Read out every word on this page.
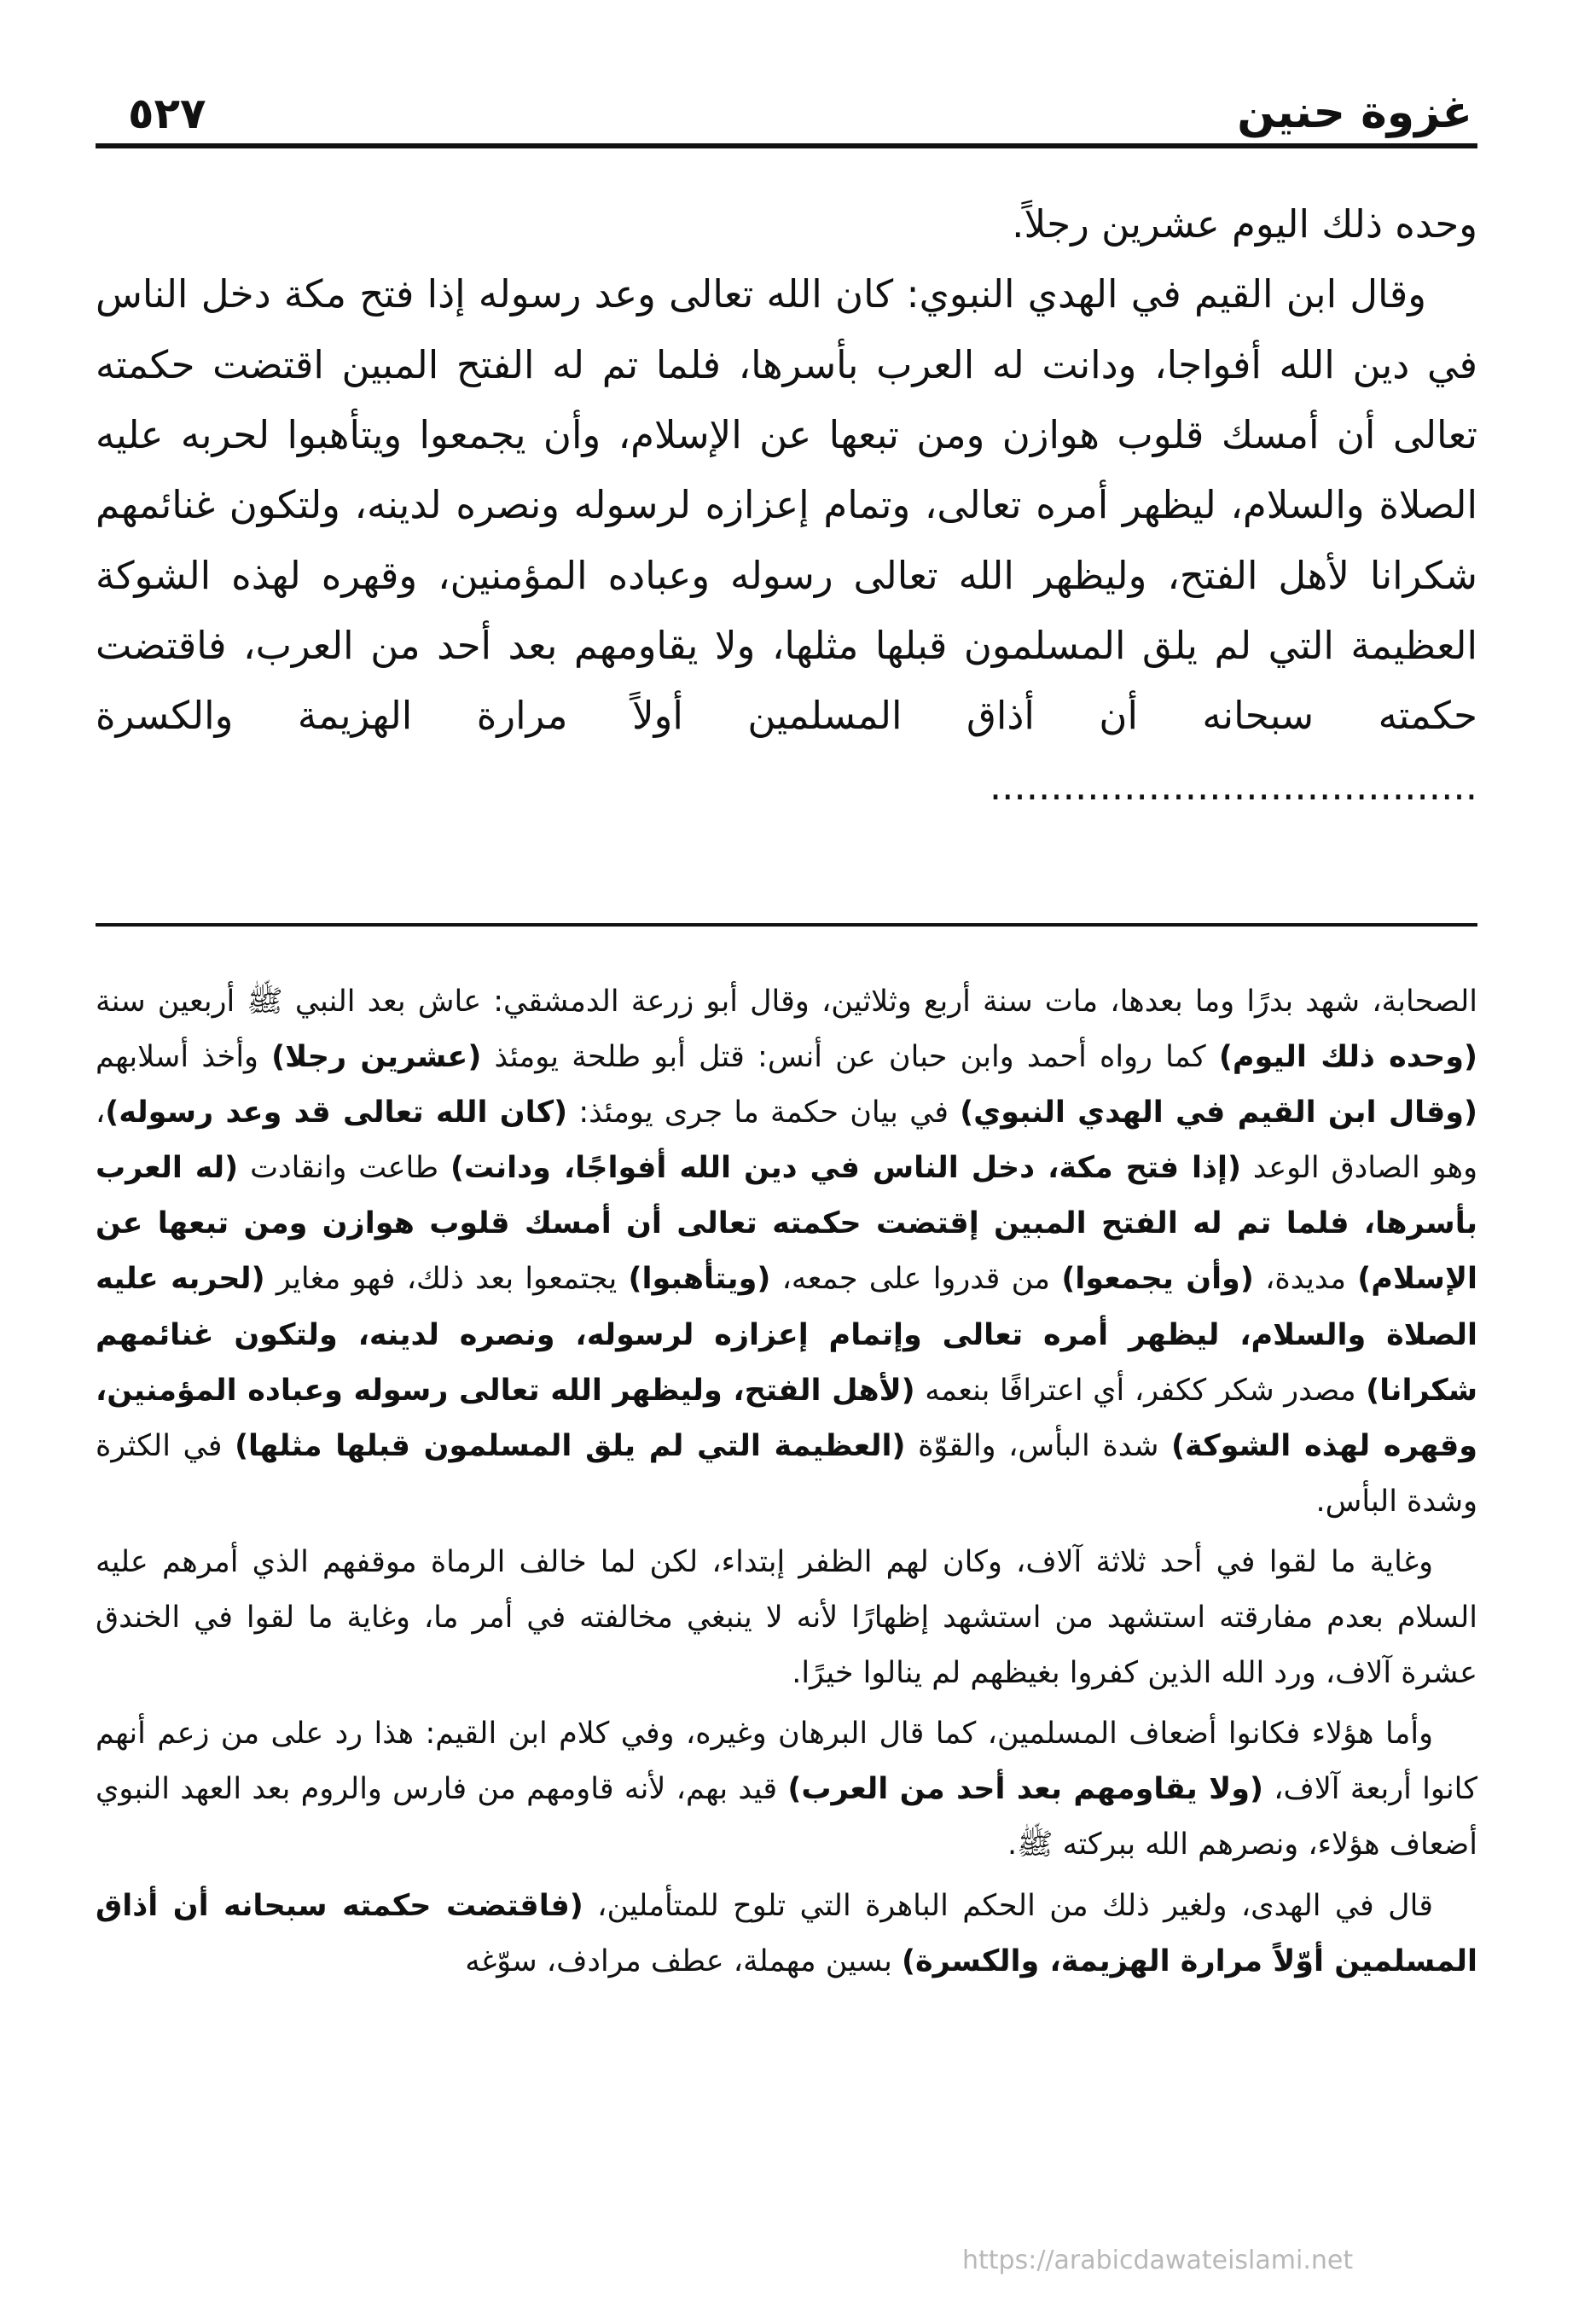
غزوة حنين
٥٢٧

وحده ذلك اليوم عشرين رجلاً.

وقال ابن القيم في الهدي النبوي: كان الله تعالى وعد رسوله إذا فتح مكة دخل الناس في دين الله أفواجا، ودانت له العرب بأسرها، فلما تم له الفتح المبين اقتضت حكمته تعالى أن أمسك قلوب هوازن ومن تبعها عن الإسلام، وأن يجمعوا ويتأهبوا لحربه عليه الصلاة والسلام، ليظهر أمره تعالى، وتمام إعزازه لرسوله ونصره لدينه، ولتكون غنائمهم شكرانا لأهل الفتح، وليظهر الله تعالى رسوله وعباده المؤمنين، وقهره لهذه الشوكة العظيمة التي لم يلق المسلمون قبلها مثلها، ولا يقاومهم بعد أحد من العرب، فاقتضت حكمته سبحانه أن أذاق المسلمين أولاً مرارة الهزيمة والكسرة ........................................

الصحابة، شهد بدرًا وما بعدها، مات سنة أربع وثلاثين، وقال أبو زرعة الدمشقي: عاش بعد النبي ﷺ أربعين سنة (وحده ذلك اليوم) كما رواه أحمد وابن حبان عن أنس: قتل أبو طلحة يومئذ (عشرين رجلا) وأخذ أسلابهم (وقال ابن القيم في الهدي النبوي) في بيان حكمة ما جرى يومئذ: (كان الله تعالى قد وعد رسوله)، وهو الصادق الوعد (إذا فتح مكة، دخل الناس في دين الله أفواجًا، ودانت) طاعت وانقادت (له العرب بأسرها، فلما تم له الفتح المبين إقتضت حكمته تعالى أن أمسك قلوب هوازن ومن تبعها عن الإسلام) مديدة، (وأن يجمعوا) من قدروا على جمعه، (ويتأهبوا) يجتمعوا بعد ذلك، فهو مغاير (لحربه عليه الصلاة والسلام، ليظهر أمره تعالى وإتمام إعزازه لرسوله، ونصره لدينه، ولتكون غنائمهم شكرانا) مصدر شكر ككفر، أي اعترافًا بنعمه (لأهل الفتح، وليظهر الله تعالى رسوله وعباده المؤمنين، وقهره لهذه الشوكة) شدة البأس، والقوّة (العظيمة التي لم يلق المسلمون قبلها مثلها) في الكثرة وشدة البأس.

وغاية ما لقوا في أحد ثلاثة آلاف، وكان لهم الظفر إبتداء، لكن لما خالف الرماة موقفهم الذي أمرهم عليه السلام بعدم مفارقته استشهد من استشهد إظهارًا لأنه لا ينبغي مخالفته في أمر ما، وغاية ما لقوا في الخندق عشرة آلاف، ورد الله الذين كفروا بغيظهم لم ينالوا خيرًا.

وأما هؤلاء فكانوا أضعاف المسلمين، كما قال البرهان وغيره، وفي كلام ابن القيم: هذا رد على من زعم أنهم كانوا أربعة آلاف، (ولا يقاومهم بعد أحد من العرب) قيد بهم، لأنه قاومهم من فارس والروم بعد العهد النبوي أضعاف هؤلاء، ونصرهم الله ببركته ﷺ.

قال في الهدى، ولغير ذلك من الحكم الباهرة التي تلوح للمتأملين، (فاقتضت حكمته سبحانه أن أذاق المسلمين أوّلاً مرارة الهزيمة، والكسرة) بسين مهملة، عطف مرادف، سوّغه

https://arabicdawateislami.net
